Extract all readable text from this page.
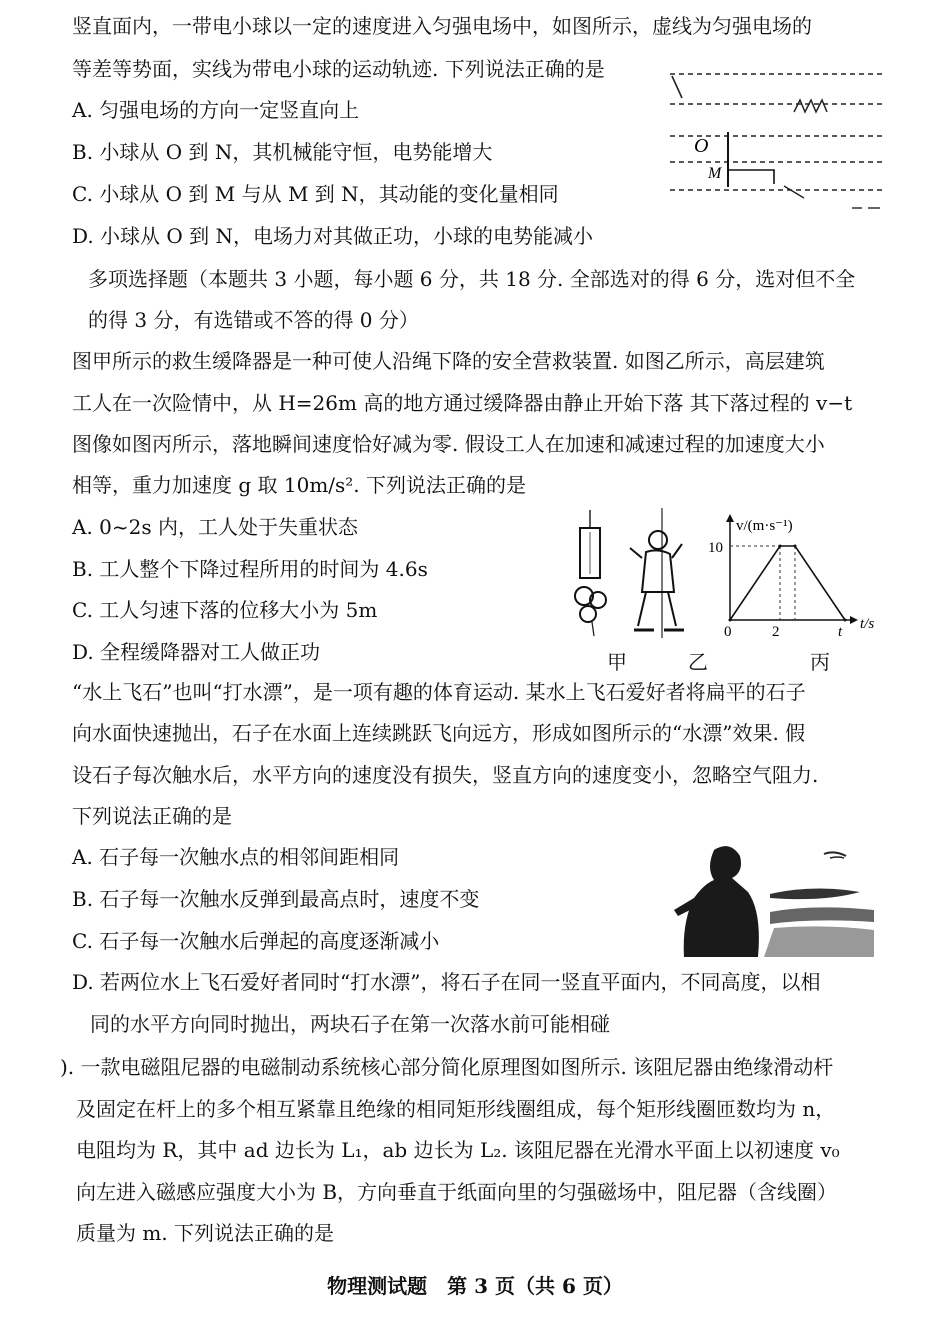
竖直面内，一带电小球以一定的速度进入匀强电场中，如图所示，虚线为匀强电场的
等差等势面，实线为带电小球的运动轨迹. 下列说法正确的是
A. 匀强电场的方向一定竖直向上
B. 小球从 O 到 N，其机械能守恒，电势能增大
C. 小球从 O 到 M 与从 M 到 N，其动能的变化量相同
D. 小球从 O 到 N，电场力对其做正功，小球的电势能减小
O
M
多项选择题（本题共 3 小题，每小题 6 分，共 18 分. 全部选对的得 6 分，选对但不全
的得 3 分，有选错或不答的得 0 分）
图甲所示的救生缓降器是一种可使人沿绳下降的安全营救装置. 如图乙所示，高层建筑
工人在一次险情中，从 H=26m 高的地方通过缓降器由静止开始下落 其下落过程的 v−t
图像如图丙所示，落地瞬间速度恰好减为零. 假设工人在加速和减速过程的加速度大小
相等，重力加速度 g 取 10m/s². 下列说法正确的是
A. 0~2s 内，工人处于失重状态
B. 工人整个下降过程所用的时间为 4.6s
C. 工人匀速下落的位移大小为 5m
D. 全程缓降器对工人做正功
v/(m·s⁻¹)
t/s
10
0	2	t
甲	乙	丙
“水上飞石”也叫“打水漂”，是一项有趣的体育运动. 某水上飞石爱好者将扁平的石子
向水面快速抛出，石子在水面上连续跳跃飞向远方，形成如图所示的“水漂”效果. 假
设石子每次触水后，水平方向的速度没有损失，竖直方向的速度变小，忽略空气阻力.
下列说法正确的是
A. 石子每一次触水点的相邻间距相同
B. 石子每一次触水反弹到最高点时，速度不变
C. 石子每一次触水后弹起的高度逐渐减小
D. 若两位水上飞石爱好者同时“打水漂”，将石子在同一竖直平面内，不同高度，以相
同的水平方向同时抛出，两块石子在第一次落水前可能相碰
). 一款电磁阻尼器的电磁制动系统核心部分简化原理图如图所示. 该阻尼器由绝缘滑动杆
及固定在杆上的多个相互紧靠且绝缘的相同矩形线圈组成，每个矩形线圈匝数均为 n，
电阻均为 R，其中 ad 边长为 L₁，ab 边长为 L₂. 该阻尼器在光滑水平面上以初速度 v₀
向左进入磁感应强度大小为 B，方向垂直于纸面向里的匀强磁场中，阻尼器（含线圈）
质量为 m. 下列说法正确的是
物理测试题　第 3 页（共 6 页）
